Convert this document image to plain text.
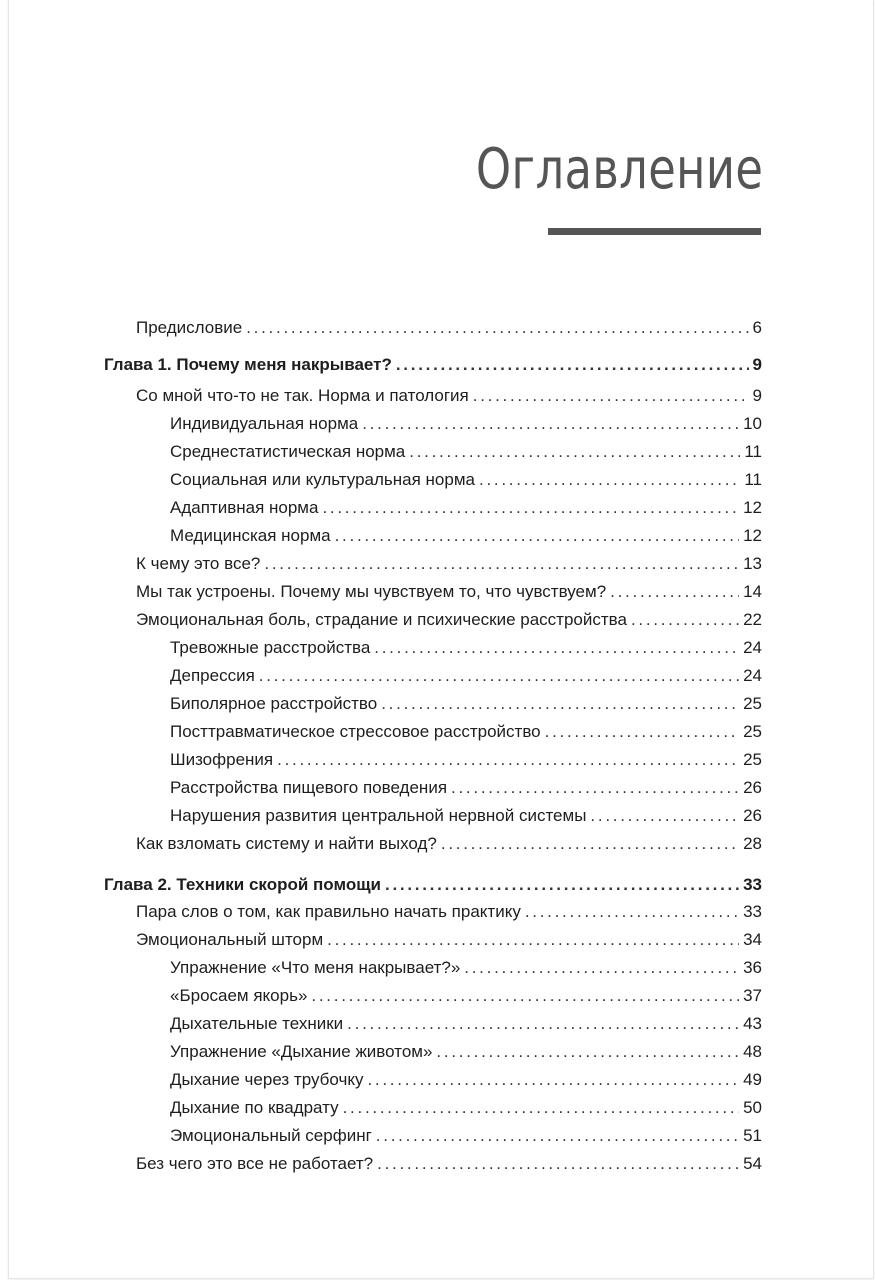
Оглавление
Предисловие . . .	6
Глава 1. Почему меня накрывает? . . .	9
Со мной что-то не так. Норма и патология . . .	9
Индивидуальная норма . . .	10
Среднестатистическая норма . . .	11
Социальная или культуральная норма . . .	11
Адаптивная норма . . .	12
Медицинская норма . . .	12
К чему это все? . . .	13
Мы так устроены. Почему мы чувствуем то, что чувствуем? . . .	14
Эмоциональная боль, страдание и психические расстройства . . .	22
Тревожные расстройства . . .	24
Депрессия . . .	24
Биполярное расстройство . . .	25
Посттравматическое стрессовое расстройство . . .	25
Шизофрения . . .	25
Расстройства пищевого поведения . . .	26
Нарушения развития центральной нервной системы . . .	26
Как взломать систему и найти выход? . . .	28
Глава 2. Техники скорой помощи . . .	33
Пара слов о том, как правильно начать практику . . .	33
Эмоциональный шторм . . .	34
Упражнение «Что меня накрывает?» . . .	36
«Бросаем якорь» . . .	37
Дыхательные техники . . .	43
Упражнение «Дыхание животом» . . .	48
Дыхание через трубочку . . .	49
Дыхание по квадрату . . .	50
Эмоциональный серфинг . . .	51
Без чего это все не работает? . . .	54
